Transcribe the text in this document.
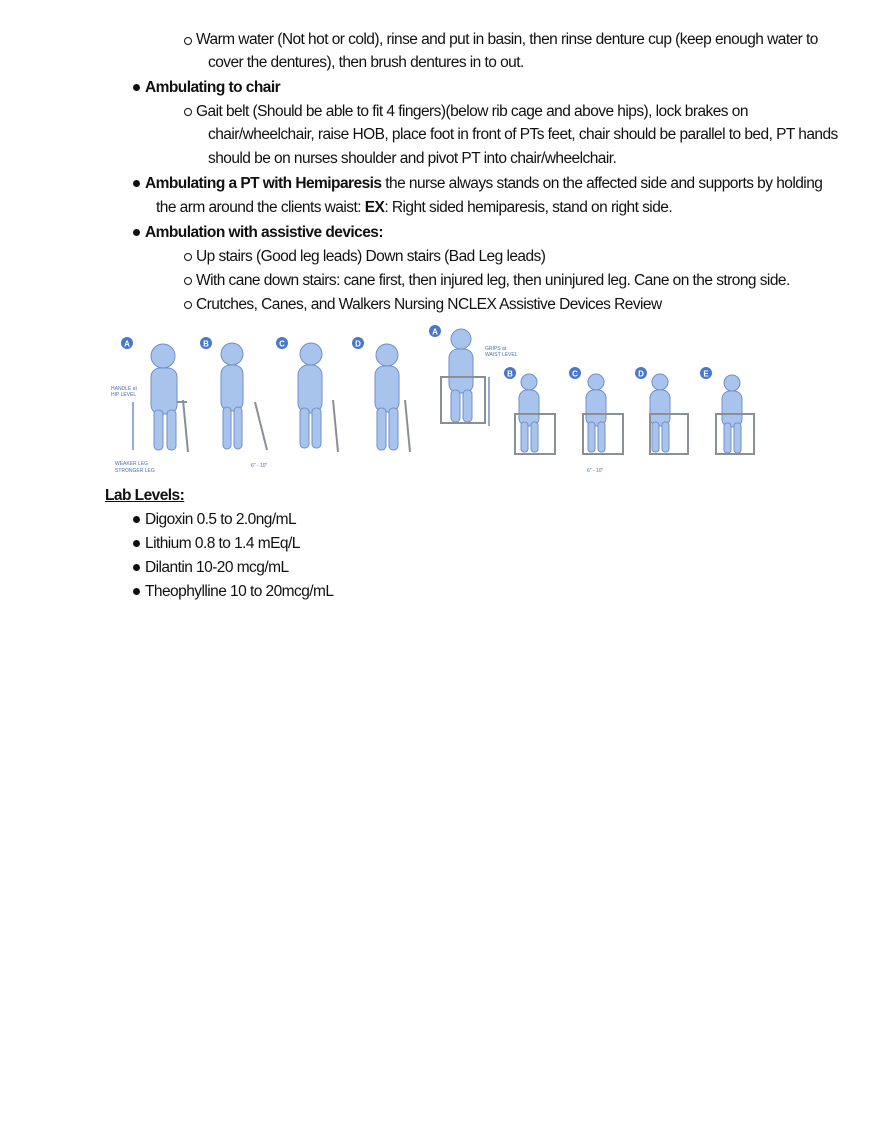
Warm water (Not hot or cold), rinse and put in basin, then rinse denture cup (keep enough water to
cover the dentures), then brush dentures in to out.
Ambulating to chair
Gait belt (Should be able to fit 4 fingers)(below rib cage and above hips), lock brakes on
chair/wheelchair, raise HOB, place foot in front of PTs feet, chair should be parallel to bed, PT hands
should be on nurses shoulder and pivot PT into chair/wheelchair.
Ambulating a PT with Hemiparesis the nurse always stands on the affected side and supports by holding
the arm around the clients waist: EX: Right sided hemiparesis, stand on right side.
Ambulation with assistive devices:
Up stairs (Good leg leads) Down stairs (Bad Leg leads)
With cane down stairs: cane first, then injured leg, then uninjured leg. Cane on the strong side.
Crutches, Canes, and Walkers Nursing NCLEX Assistive Devices Review
A
HANDLE at
HIP LEVEL
WEAKER LEG
STRONGER LEG
B
6" - 10"
C	D
A
GRIPS at
WAIST LEVEL
B	C
6" - 10"
D	E
Lab Levels:
Digoxin 0.5 to 2.0ng/mL
Lithium 0.8 to 1.4 mEq/L
Dilantin 10-20 mcg/mL
Theophylline 10 to 20mcg/mL
